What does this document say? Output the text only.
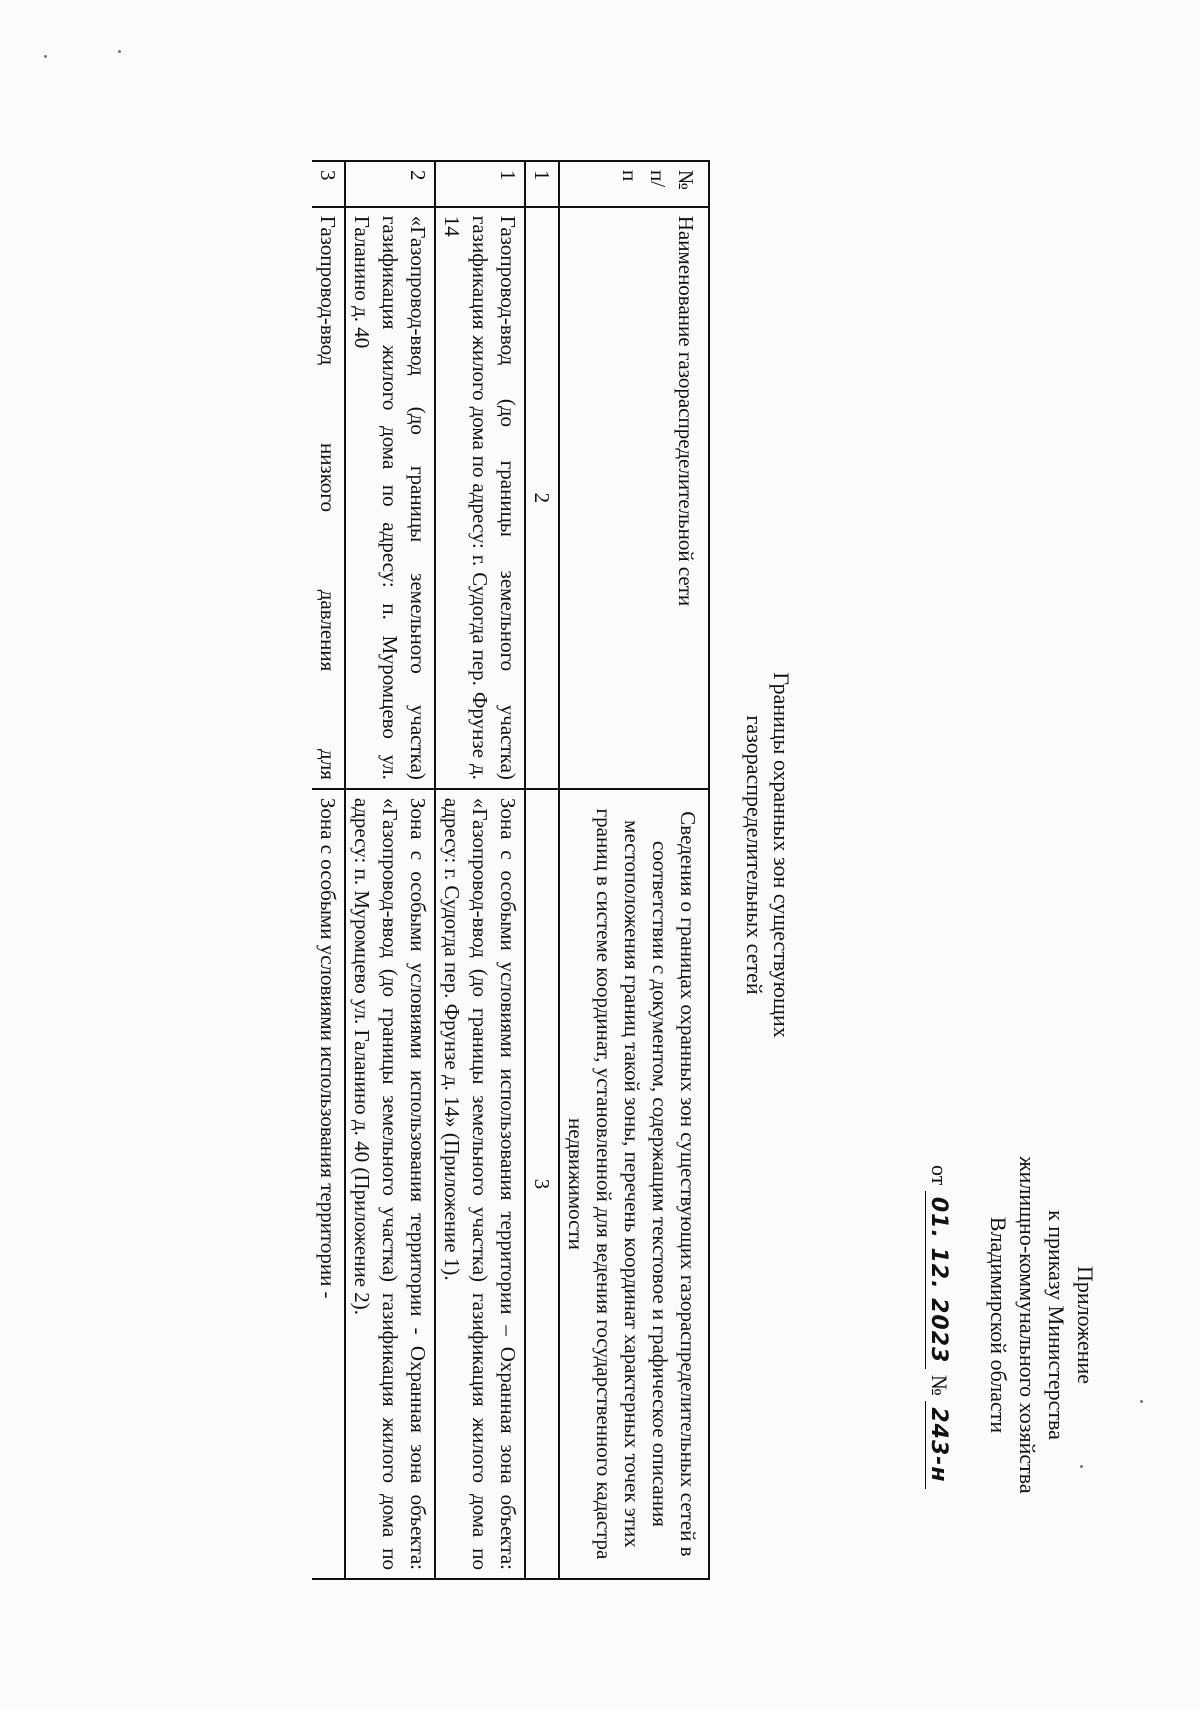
Приложение
к приказу Министерства
жилищно-коммунального хозяйства
Владимирской области
от 01. 12. 2023 № 243-н
Границы охранных зон существующих
газораспределительных сетей
№ п/п	Наименование газораспределительной сети	Сведения о границах охранных зон существующих газораспределительных сетей в соответствии с документом, содержащим текстовое и графическое описания местоположения границ такой зоны, перечень координат характерных точек этих границ в системе координат, установленной для ведения государственного кадастра недвижимости
1	2	3
1	Газопровод-ввод (до границы земельного участка) газификация жилого дома по адресу: г. Судогда пер. Фрунзе д. 14	Зона с особыми условиями использования территории – Охранная зона объекта: «Газопровод-ввод (до границы земельного участка) газификация жилого дома по адресу: г. Судогда пер. Фрунзе д. 14» (Приложение 1).
2	«Газопровод-ввод (до границы земельного участка) газификация жилого дома по адресу: п. Муромцево ул. Галанино д. 40	Зона с особыми условиями использования территории - Охранная зона объекта: «Газопровод-ввод (до границы земельного участка) газификация жилого дома по адресу: п. Муромцево ул. Галанино д. 40 (Приложение 2).
3	Газопровод-ввод низкого давления для	Зона с особыми условиями использования территории -
